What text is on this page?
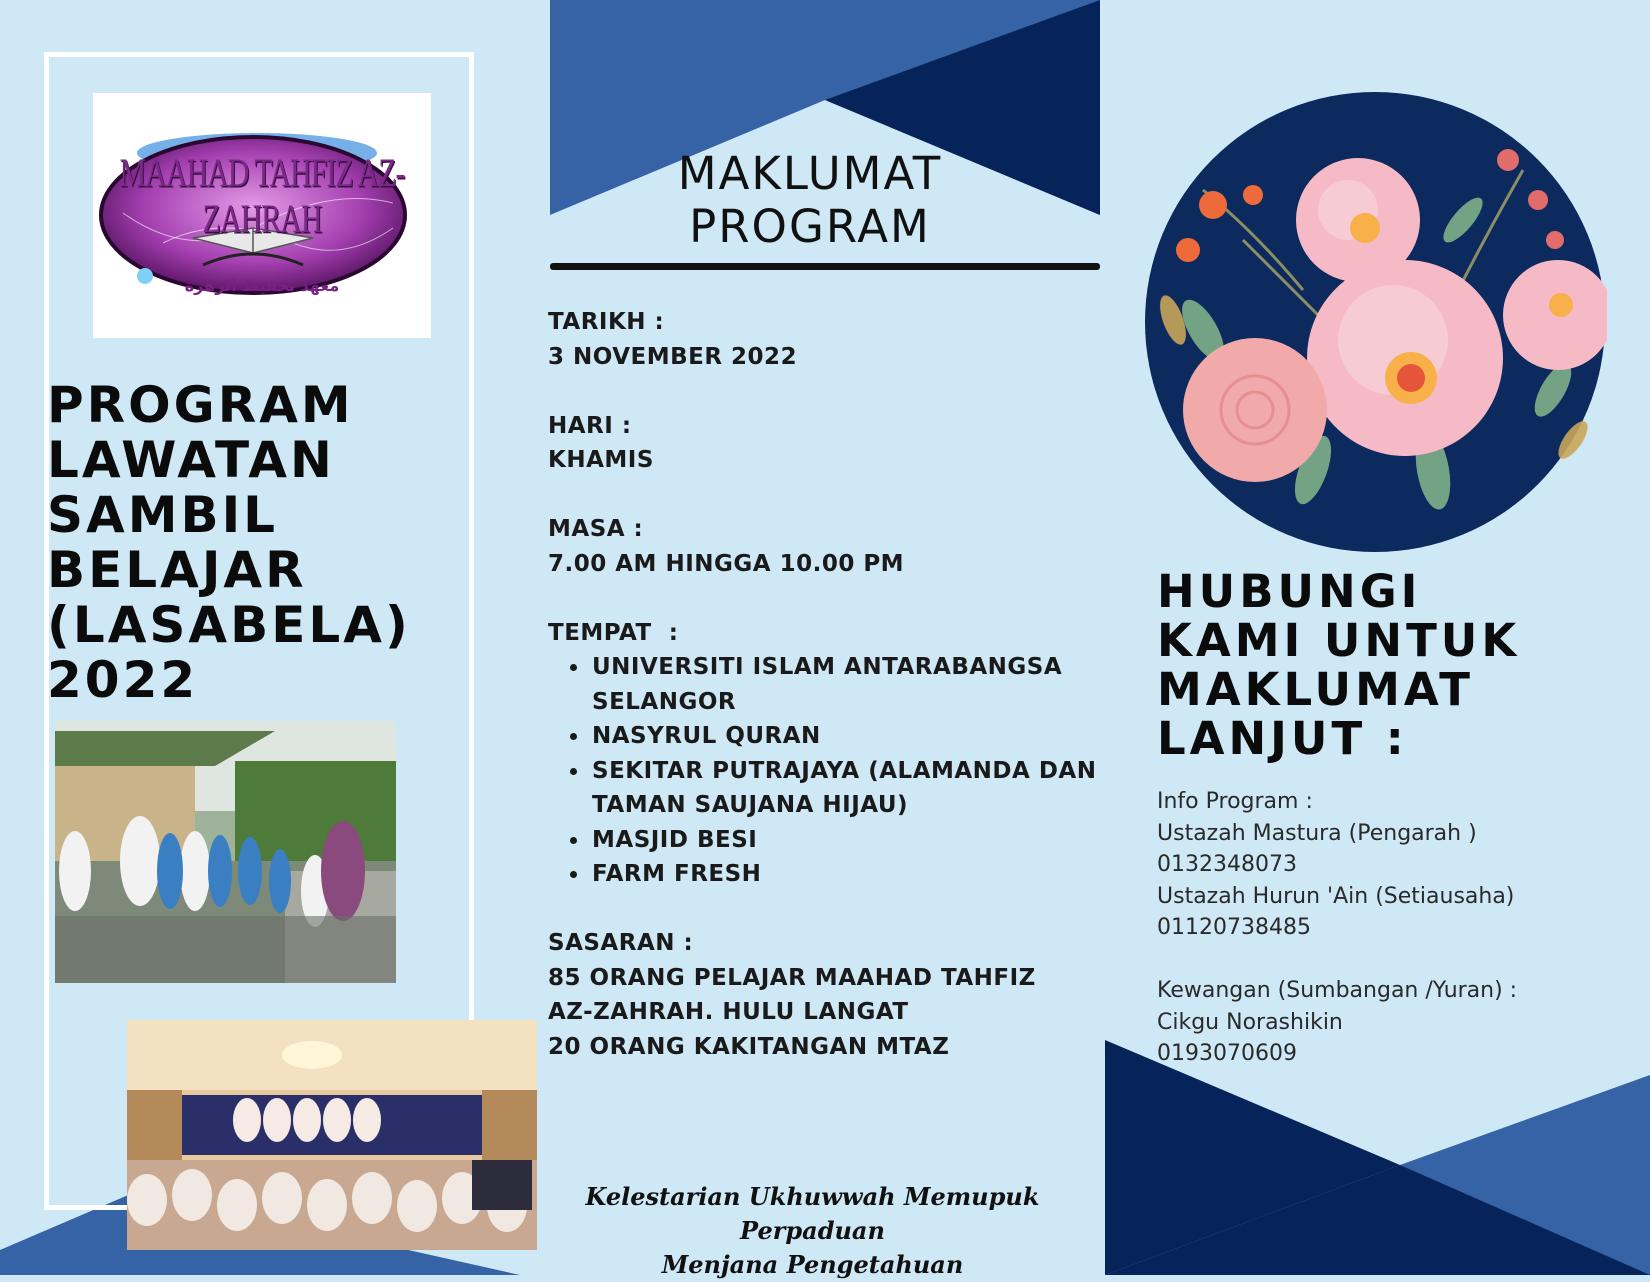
MAAHAD TAHFIZ AZ-ZAHRAH
معهد تحفيظ الزهرة
PROGRAM
LAWATAN
SAMBIL
BELAJAR
(LASABELA)
2022
MAKLUMAT
PROGRAM
TARIKH :
3 NOVEMBER 2022
HARI :
KHAMIS
MASA :
7.00 AM HINGGA 10.00 PM
TEMPAT  :
• UNIVERSITI ISLAM ANTARABANGSA SELANGOR
• NASYRUL QURAN
• SEKITAR PUTRAJAYA (ALAMANDA DAN TAMAN SAUJANA HIJAU)
• MASJID BESI
• FARM FRESH
SASARAN :
85 ORANG PELAJAR MAAHAD TAHFIZ
AZ-ZAHRAH. HULU LANGAT
20 ORANG KAKITANGAN MTAZ
Kelestarian Ukhuwwah Memupuk Perpaduan
Menjana Pengetahuan
HUBUNGI
KAMI UNTUK
MAKLUMAT
LANJUT :
Info Program :
Ustazah Mastura (Pengarah )
0132348073
Ustazah Hurun 'Ain (Setiausaha)
01120738485
Kewangan (Sumbangan /Yuran) :
Cikgu Norashikin
0193070609
